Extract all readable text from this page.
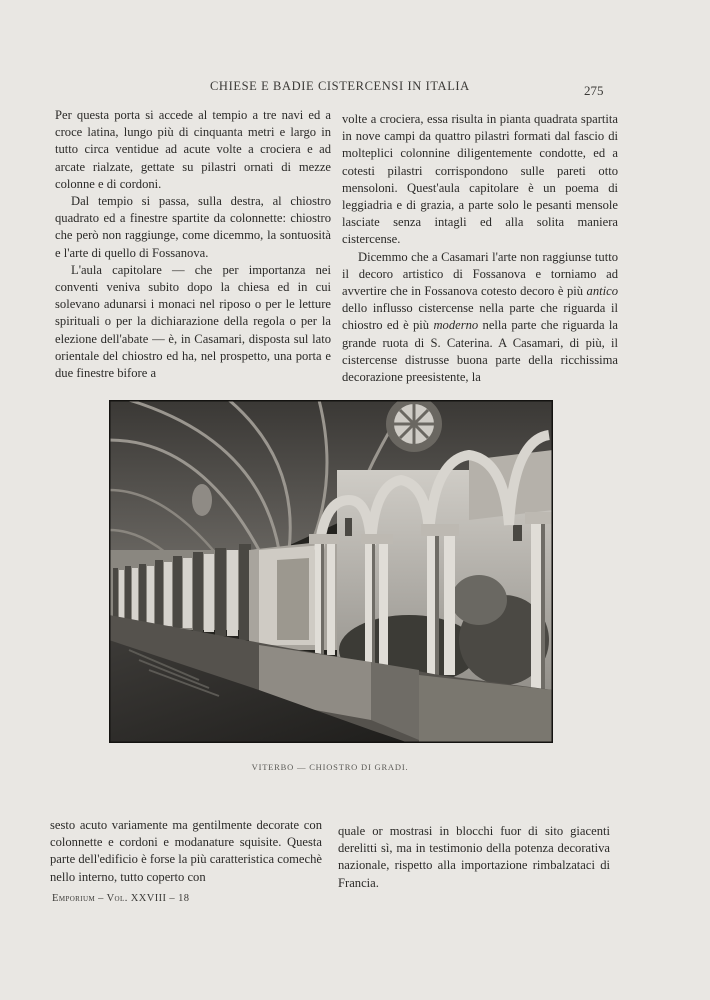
CHIESE E BADIE CISTERCENSI IN ITALIA	275

Per questa porta si accede al tempio a tre navi ed a croce latina, lungo più di cinquanta metri e largo in tutto circa ventidue ad acute volte a crociera e ad arcate rialzate, gettate su pilastri ornati di mezze colonne e di cordoni.

Dal tempio si passa, sulla destra, al chiostro quadrato ed a finestre spartite da colonnette: chiostro che però non raggiunge, come dicemmo, la sontuosità e l'arte di quello di Fossanova.

L'aula capitolare — che per importanza nei conventi veniva subito dopo la chiesa ed in cui solevano adunarsi i monaci nel riposo o per le letture spirituali o per la dichiarazione della regola o per la elezione dell'abate — è, in Casamari, disposta sul lato orientale del chiostro ed ha, nel prospetto, una porta e due finestre bifore a

volte a crociera, essa risulta in pianta quadrata spartita in nove campi da quattro pilastri formati dal fascio di molteplici colonnine diligentemente condotte, ed a cotesti pilastri corrispondono sulle pareti otto mensoloni. Quest'aula capitolare è un poema di leggiadria e di grazia, a parte solo le pesanti mensole lasciate senza intagli ed alla solita maniera cistercense.

Dicemmo che a Casamari l'arte non raggiunse tutto il decoro artistico di Fossanova e torniamo ad avvertire che in Fossanova cotesto decoro è più antico dello influsso cistercense nella parte che riguarda il chiostro ed è più moderno nella parte che riguarda la grande ruota di S. Caterina. A Casamari, di più, il cistercense distrusse buona parte della ricchissima decorazione preesistente, la

VITERBO — CHIOSTRO DI GRADI.

sesto acuto variamente ma gentilmente decorate con colonnette e cordoni e modanature squisite. Questa parte dell'edificio è forse la più caratteristica comechè nello interno, tutto coperto con

quale or mostrasi in blocchi fuor di sito giacenti derelitti sì, ma in testimonio della potenza decorativa nazionale, rispetto alla importazione rimbalzataci di Francia.

Emporium – Vol. XXVIII – 18
